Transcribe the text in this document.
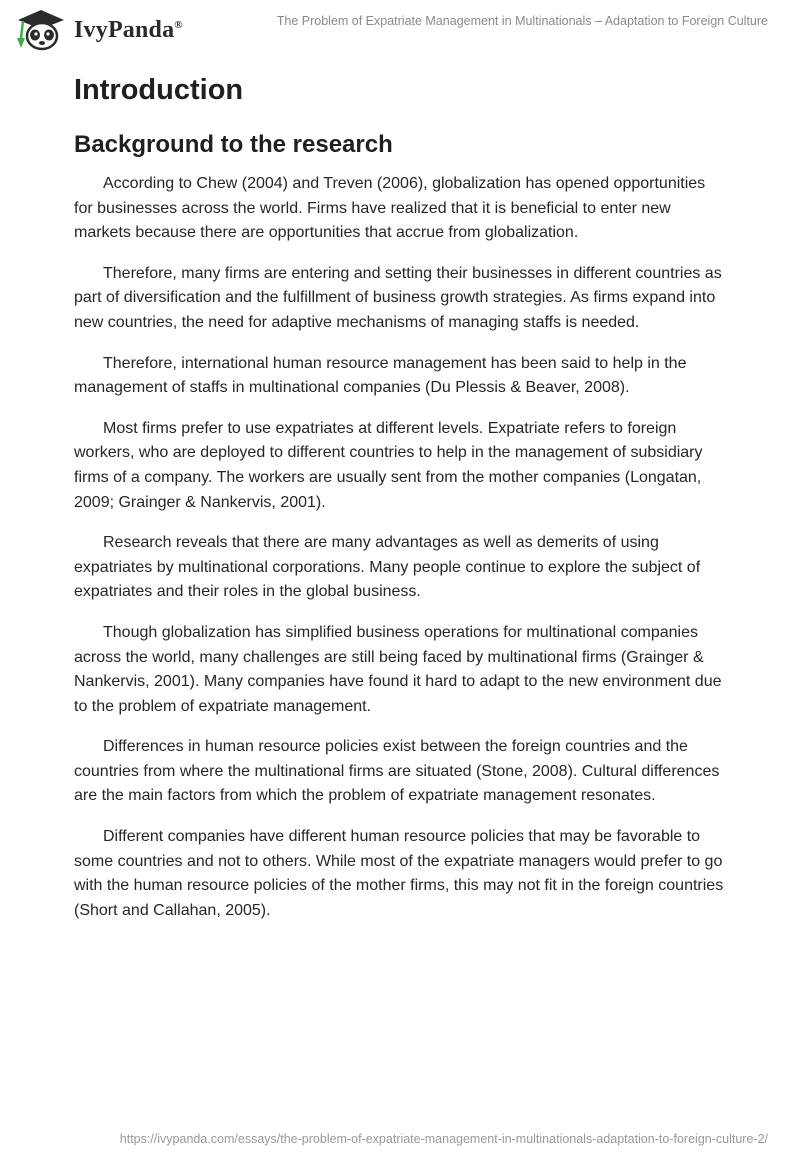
IvyPanda®	The Problem of Expatriate Management in Multinationals – Adaptation to Foreign Culture
Introduction
Background to the research

According to Chew (2004) and Treven (2006), globalization has opened opportunities for businesses across the world. Firms have realized that it is beneficial to enter new markets because there are opportunities that accrue from globalization.

Therefore, many firms are entering and setting their businesses in different countries as part of diversification and the fulfillment of business growth strategies. As firms expand into new countries, the need for adaptive mechanisms of managing staffs is needed.

Therefore, international human resource management has been said to help in the management of staffs in multinational companies (Du Plessis & Beaver, 2008).

Most firms prefer to use expatriates at different levels. Expatriate refers to foreign workers, who are deployed to different countries to help in the management of subsidiary firms of a company. The workers are usually sent from the mother companies (Longatan, 2009; Grainger & Nankervis, 2001).

Research reveals that there are many advantages as well as demerits of using expatriates by multinational corporations. Many people continue to explore the subject of expatriates and their roles in the global business.

Though globalization has simplified business operations for multinational companies across the world, many challenges are still being faced by multinational firms (Grainger & Nankervis, 2001). Many companies have found it hard to adapt to the new environment due to the problem of expatriate management.

Differences in human resource policies exist between the foreign countries and the countries from where the multinational firms are situated (Stone, 2008). Cultural differences are the main factors from which the problem of expatriate management resonates.

Different companies have different human resource policies that may be favorable to some countries and not to others. While most of the expatriate managers would prefer to go with the human resource policies of the mother firms, this may not fit in the foreign countries (Short and Callahan, 2005).

https://ivypanda.com/essays/the-problem-of-expatriate-management-in-multinationals-adaptation-to-foreign-culture-2/
